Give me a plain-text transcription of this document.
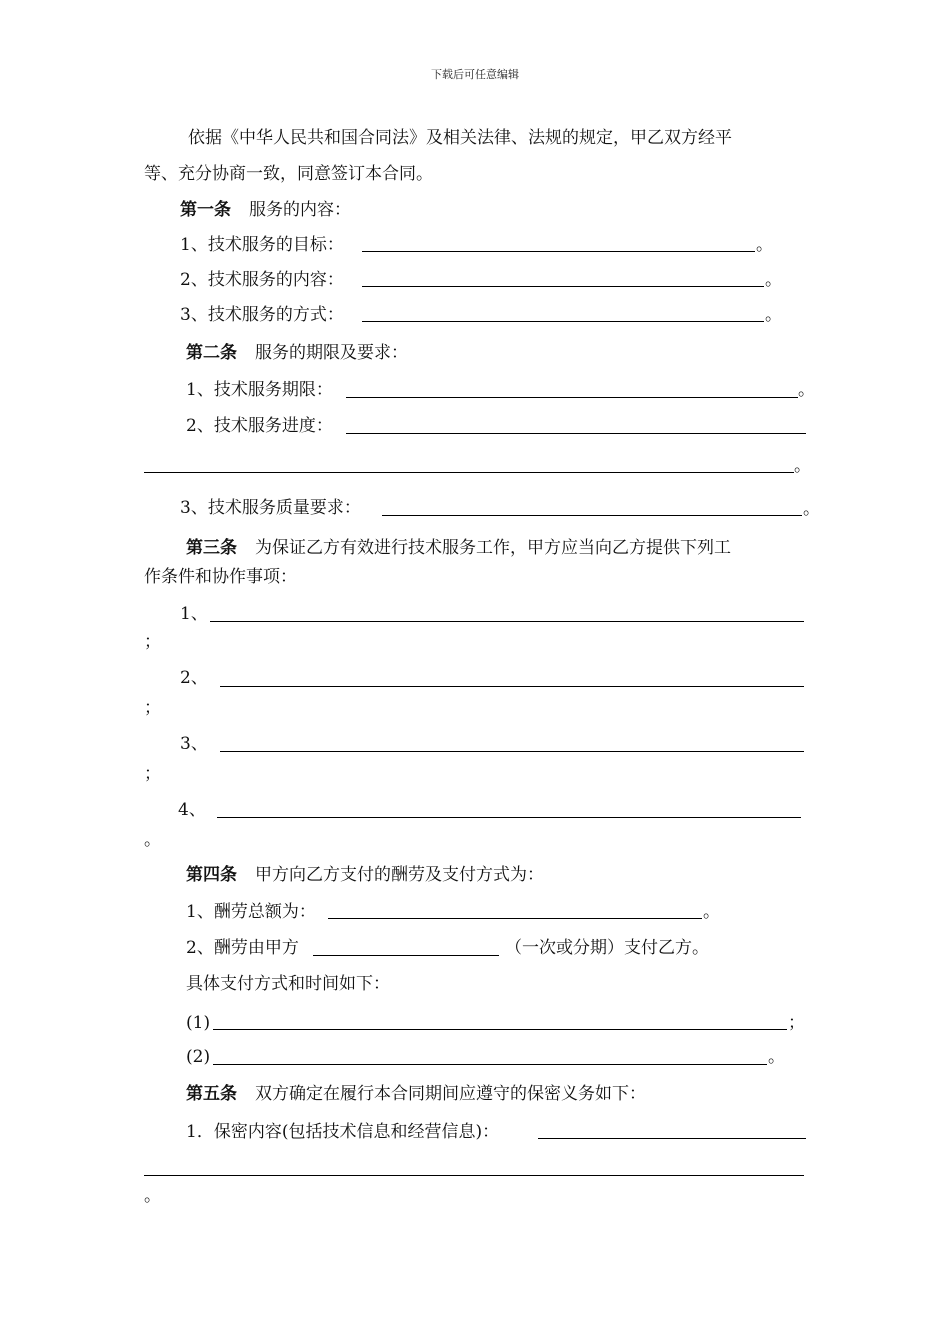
下载后可任意编辑
依据《中华人民共和国合同法》及相关法律、法规的规定，甲乙双方经平
等、充分协商一致，同意签订本合同。
第一条 服务的内容：
1、技术服务的目标：	。
2、技术服务的内容：	。
3、技术服务的方式：	。
第二条 服务的期限及要求：
1、技术服务期限：	。
2、技术服务进度：
。
3、技术服务质量要求：	。
第三条 为保证乙方有效进行技术服务工作，甲方应当向乙方提供下列工
作条件和协作事项：
1、
；
2、
；
3、
；
4、
。
第四条 甲方向乙方支付的酬劳及支付方式为：
1、酬劳总额为：	。
2、酬劳由甲方	（一次或分期）支付乙方。
具体支付方式和时间如下：
(1)	；
(2)	。
第五条 双方确定在履行本合同期间应遵守的保密义务如下：
1．保密内容(包括技术信息和经营信息)：
。
